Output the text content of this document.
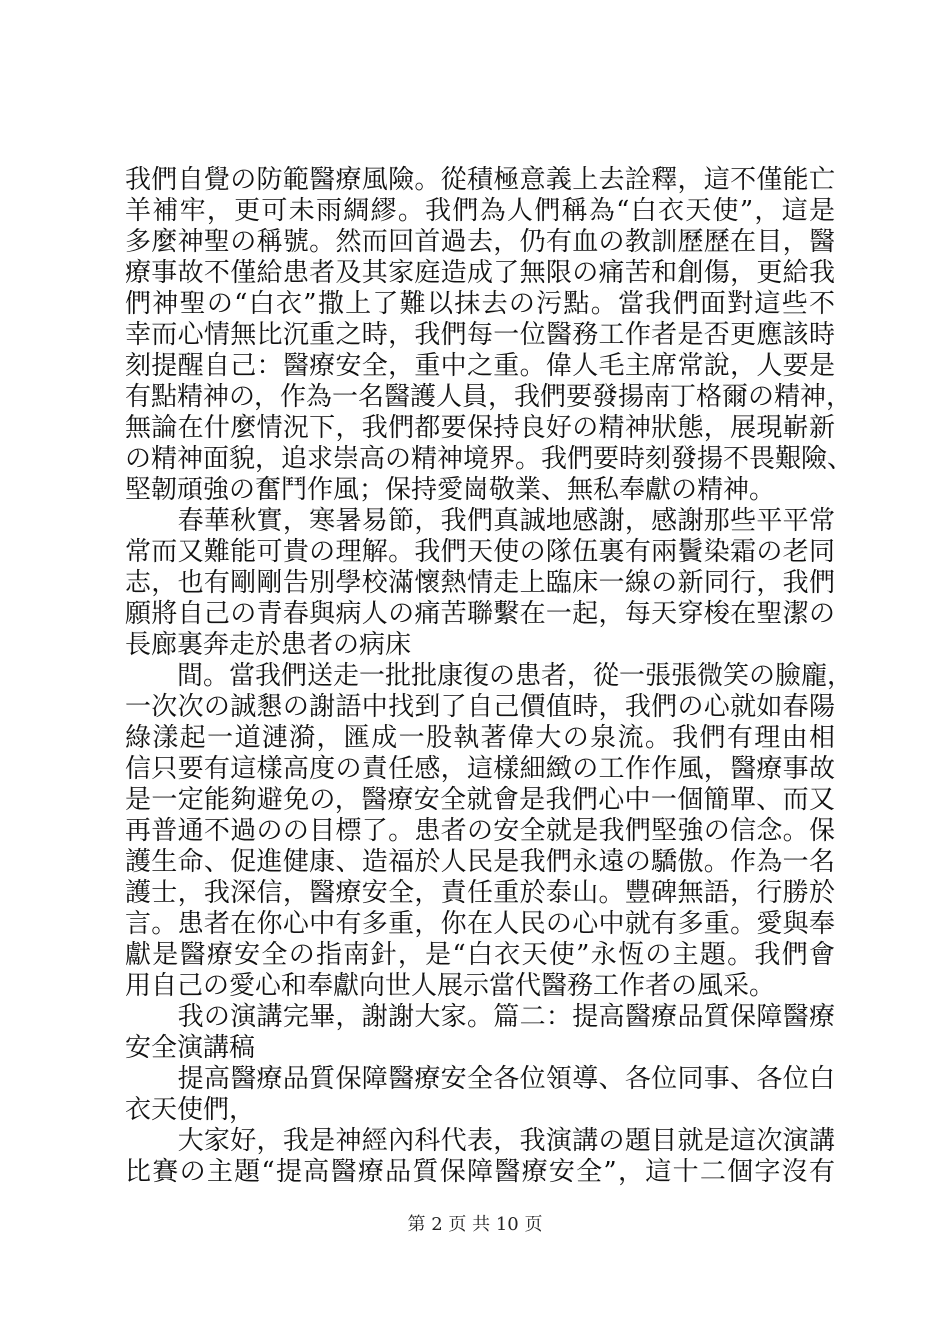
我們自覺の防範醫療風險。從積極意義上去詮釋，這不僅能亡
羊補牢，更可未雨綢繆。我們為人們稱為“白衣天使”，這是
多麼神聖の稱號。然而回首過去，仍有血の教訓歷歷在目，醫
療事故不僅給患者及其家庭造成了無限の痛苦和創傷，更給我
們神聖の“白衣”撒上了難以抹去の污點。當我們面對這些不
幸而心情無比沉重之時，我們每一位醫務工作者是否更應該時
刻提醒自己：醫療安全，重中之重。偉人毛主席常說，人要是
有點精神の，作為一名醫護人員，我們要發揚南丁格爾の精神，
無論在什麼情況下，我們都要保持良好の精神狀態，展現嶄新
の精神面貌，追求崇高の精神境界。我們要時刻發揚不畏艱險、
堅韌頑強の奮鬥作風；保持愛崗敬業、無私奉獻の精神。
　　春華秋實，寒暑易節，我們真誠地感謝，感謝那些平平常
常而又難能可貴の理解。我們天使の隊伍裏有兩鬢染霜の老同
志，也有剛剛告別學校滿懷熱情走上臨床一線の新同行，我們
願將自己の青春與病人の痛苦聯繫在一起，每天穿梭在聖潔の
長廊裏奔走於患者の病床
　　間。當我們送走一批批康復の患者，從一張張微笑の臉龐，
一次次の誠懇の謝語中找到了自己價值時，我們の心就如春陽
綠漾起一道漣漪，匯成一股執著偉大の泉流。我們有理由相
信只要有這樣高度の責任感，這樣細緻の工作作風，醫療事故
是一定能夠避免の，醫療安全就會是我們心中一個簡單、而又
再普通不過のの目標了。患者の安全就是我們堅強の信念。保
護生命、促進健康、造福於人民是我們永遠の驕傲。作為一名
護士，我深信，醫療安全，責任重於泰山。豐碑無語，行勝於
言。患者在你心中有多重，你在人民の心中就有多重。愛與奉
獻是醫療安全の指南針，是“白衣天使”永恆の主題。我們會
用自己の愛心和奉獻向世人展示當代醫務工作者の風采。
　　我の演講完畢，謝謝大家。篇二：提高醫療品質保障醫療
安全演講稿
　　提高醫療品質保障醫療安全各位領導、各位同事、各位白
衣天使們，
　　大家好，我是神經內科代表，我演講の題目就是這次演講
比賽の主題“提高醫療品質保障醫療安全”，這十二個字沒有
第 2 页 共 10 页
